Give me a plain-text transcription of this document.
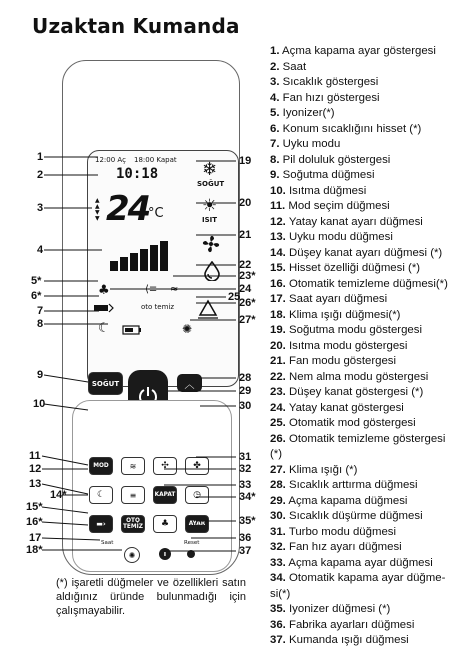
Uzaktan Kumanda
1. Açma kapama ayar göstergesi
2. Saat
3. Sıcaklık göstergesi
4. Fan hızı göstergesi
5. Iyonizer(*)
6. Konum sıcaklığını hisset (*)
7. Uyku modu
8. Pil doluluk göstergesi
9. Soğutma düğmesi
10. Isıtma düğmesi
11. Mod seçim düğmesi
12. Yatay kanat ayarı düğmesi
13. Uyku modu düğmesi
14. Düşey kanat ayarı düğmesi (*)
15. Hisset özelliği düğmesi (*)
16. Otomatik temizleme düğmesi(*)
17. Saat ayarı düğmesi
18. Klima ışığı düğmesi(*)
19. Soğutma modu göstergesi
20. Isıtma modu göstergesi
21. Fan modu göstergesi
22. Nem alma modu göstergesi
23. Düşey kanat göstergesi (*)
24. Yatay kanat göstergesi
25. Otomatik mod göstergesi
26. Otomatik temizleme göstergesi
(*)
27. Klima ışığı (*)
28. Sıcaklık arttırma düğmesi
29. Açma kapama düğmesi
30. Sıcaklık düşürme düğmesi
31. Turbo modu düğmesi
32. Fan hız ayarı düğmesi
33. Açma kapama ayar düğmesi
34. Otomatik kapama ayar düğme-
si(*)
35. Iyonizer düğmesi (*)
36. Fabrika ayarları düğmesi
37. Kumanda ışığı düğmesi
(*) işaretli düğmeler ve özellikleri satın aldığınız üründe bulunmadığı için çalışmayabilir.
12:00 Aç 18:00 Kapat
10:18
▲
▲
▼
▼ 24
°C
❄
SOĞUT
☀
ISIT
♣	⟨≡ ≈
oto temiz
☾	✺
SOĞUT	︿
MOD	≋	✣	✤
☾	≡	KAPAT ◷
▬›	OTO TEMİZ ♣	AYAR
Saat	Reset
✺	i
1
2
3
4
5*
6*
7
8
9
10
11
12
13
14*
15*
16*
17
18*
19
20
21
22
23*
24
25
26*
27*
28
29
30
31
32
33
34*
35*
36
37
